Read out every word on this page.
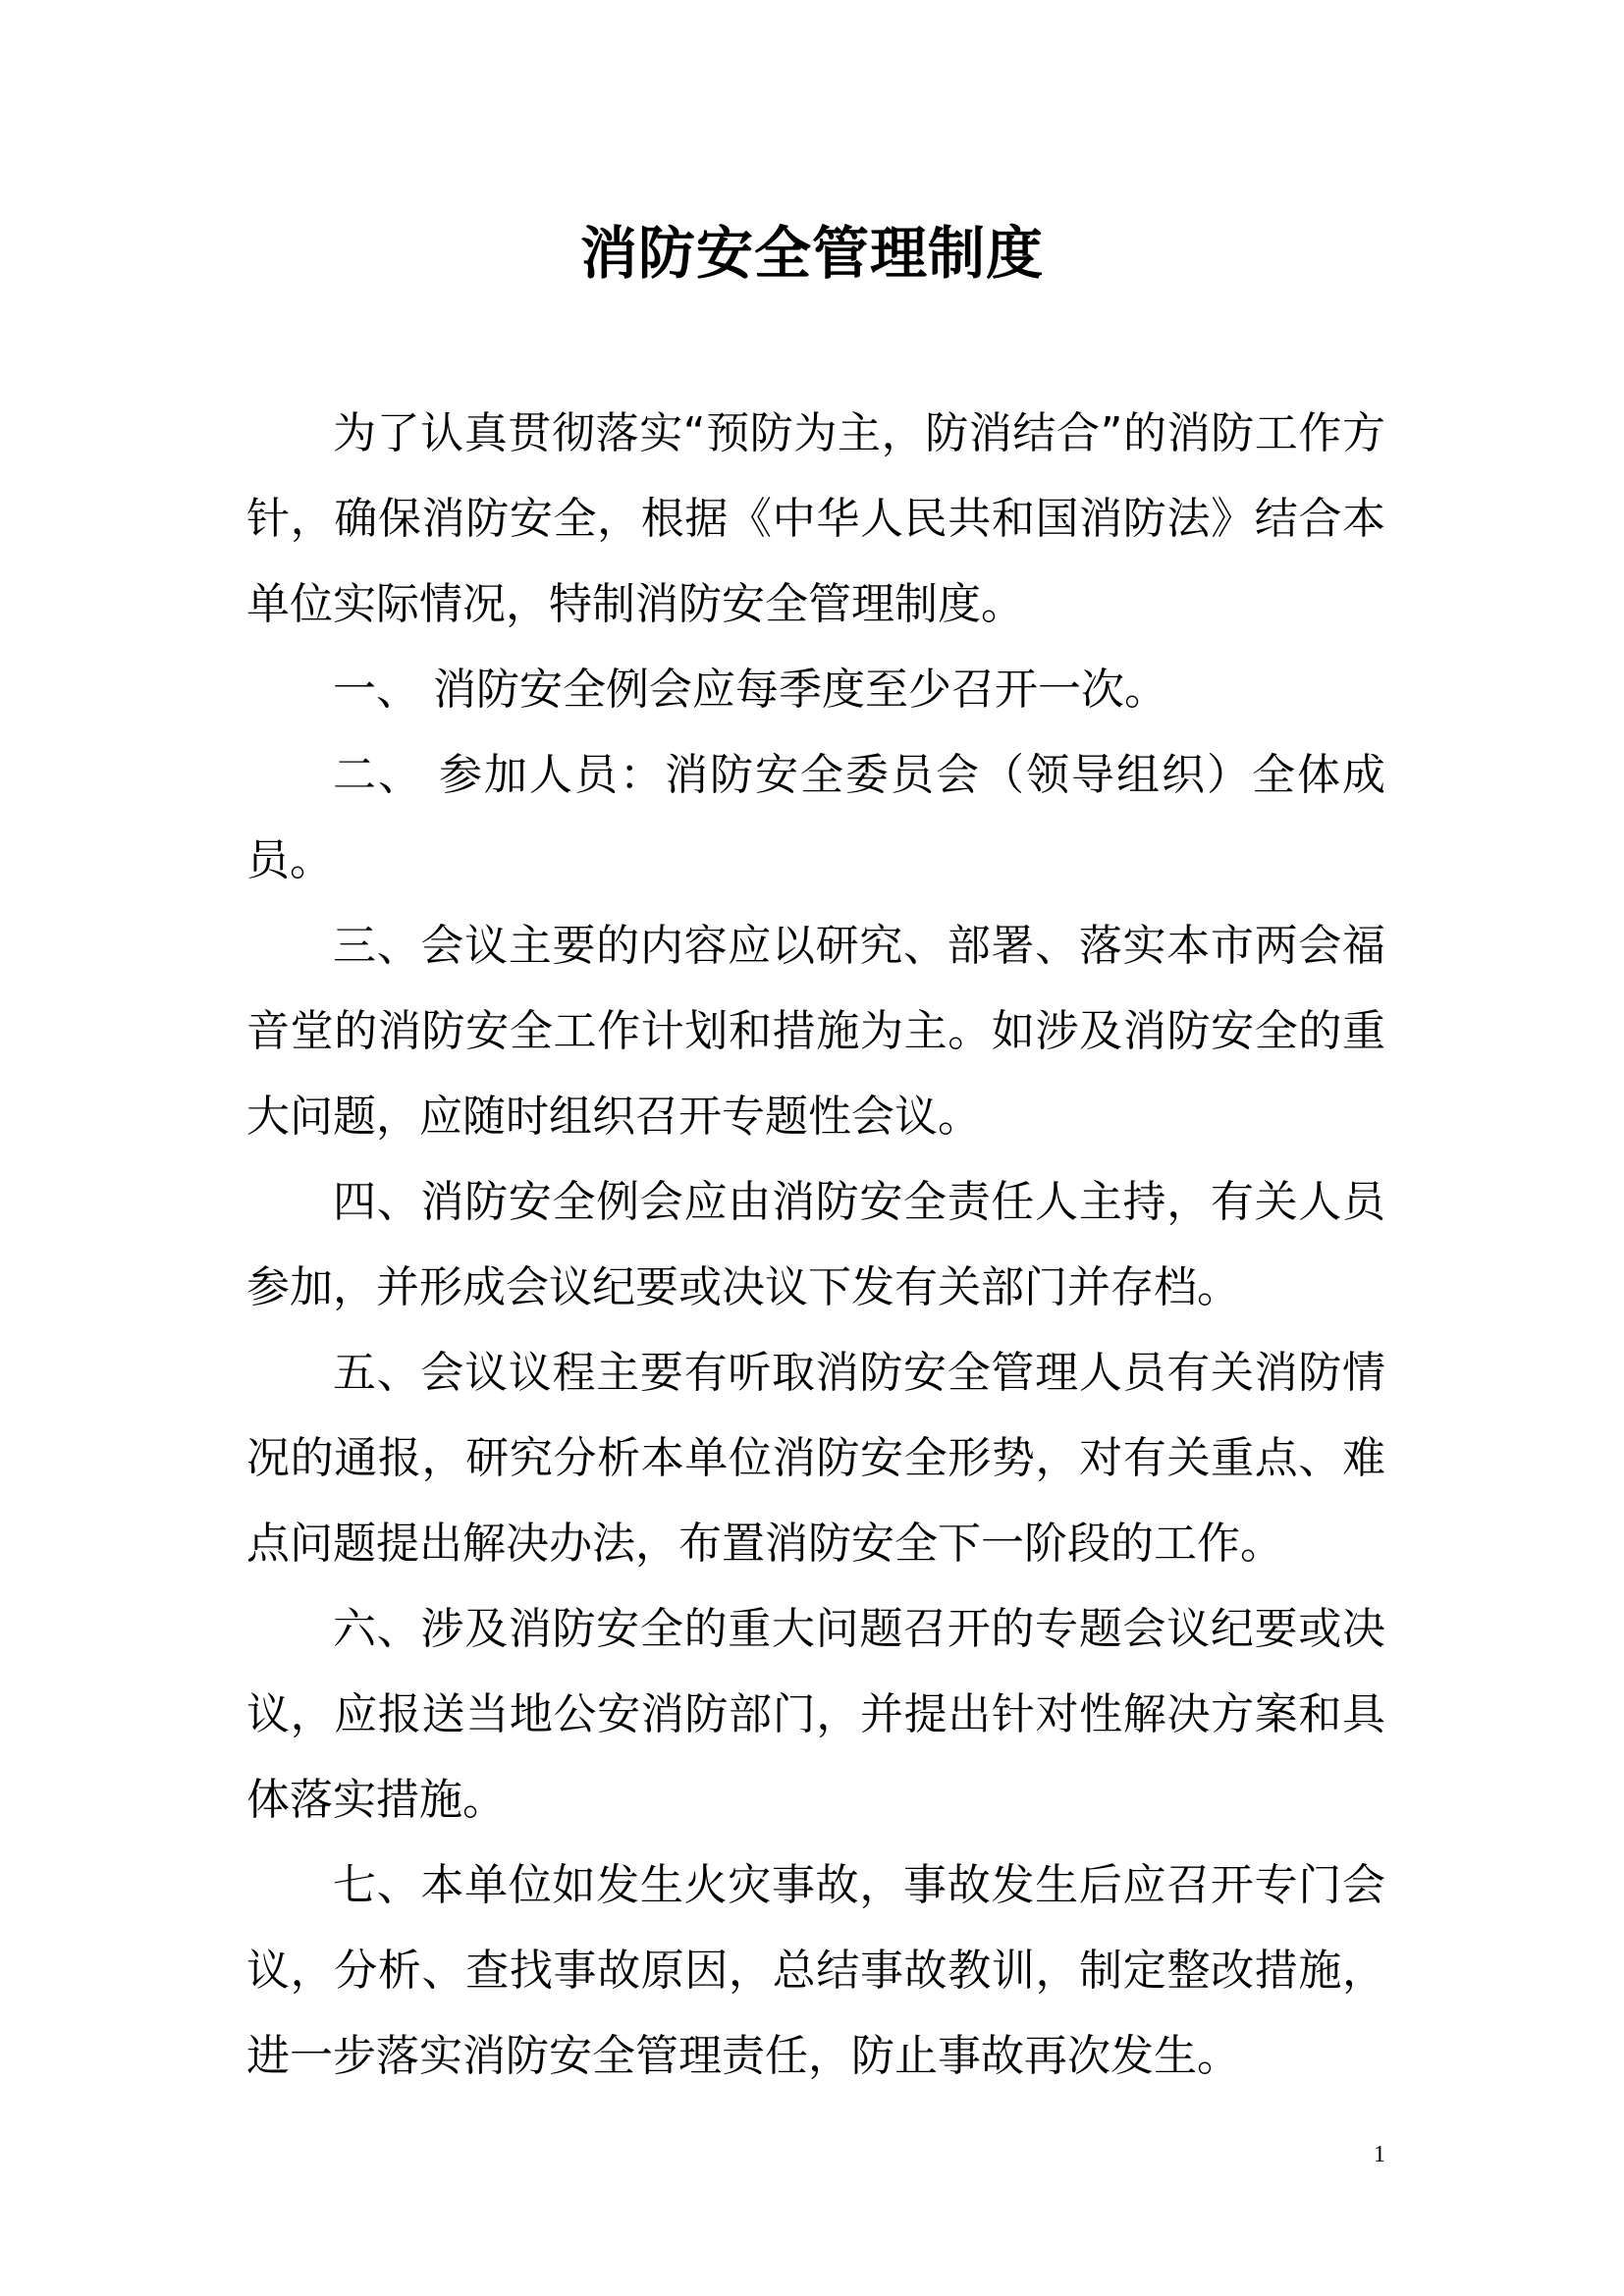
消防安全管理制度

为了认真贯彻落实“预防为主，防消结合”的消防工作方针，确保消防安全，根据《中华人民共和国消防法》结合本单位实际情况，特制消防安全管理制度。

一、 消防安全例会应每季度至少召开一次。

二、 参加人员：消防安全委员会（领导组织）全体成员。

三、会议主要的内容应以研究、部署、落实本市两会福音堂的消防安全工作计划和措施为主。如涉及消防安全的重大问题，应随时组织召开专题性会议。

四、消防安全例会应由消防安全责任人主持，有关人员参加，并形成会议纪要或决议下发有关部门并存档。

五、会议议程主要有听取消防安全管理人员有关消防情况的通报，研究分析本单位消防安全形势，对有关重点、难点问题提出解决办法，布置消防安全下一阶段的工作。

六、涉及消防安全的重大问题召开的专题会议纪要或决议，应报送当地公安消防部门，并提出针对性解决方案和具体落实措施。

七、本单位如发生火灾事故，事故发生后应召开专门会议，分析、查找事故原因，总结事故教训，制定整改措施，进一步落实消防安全管理责任，防止事故再次发生。

1
